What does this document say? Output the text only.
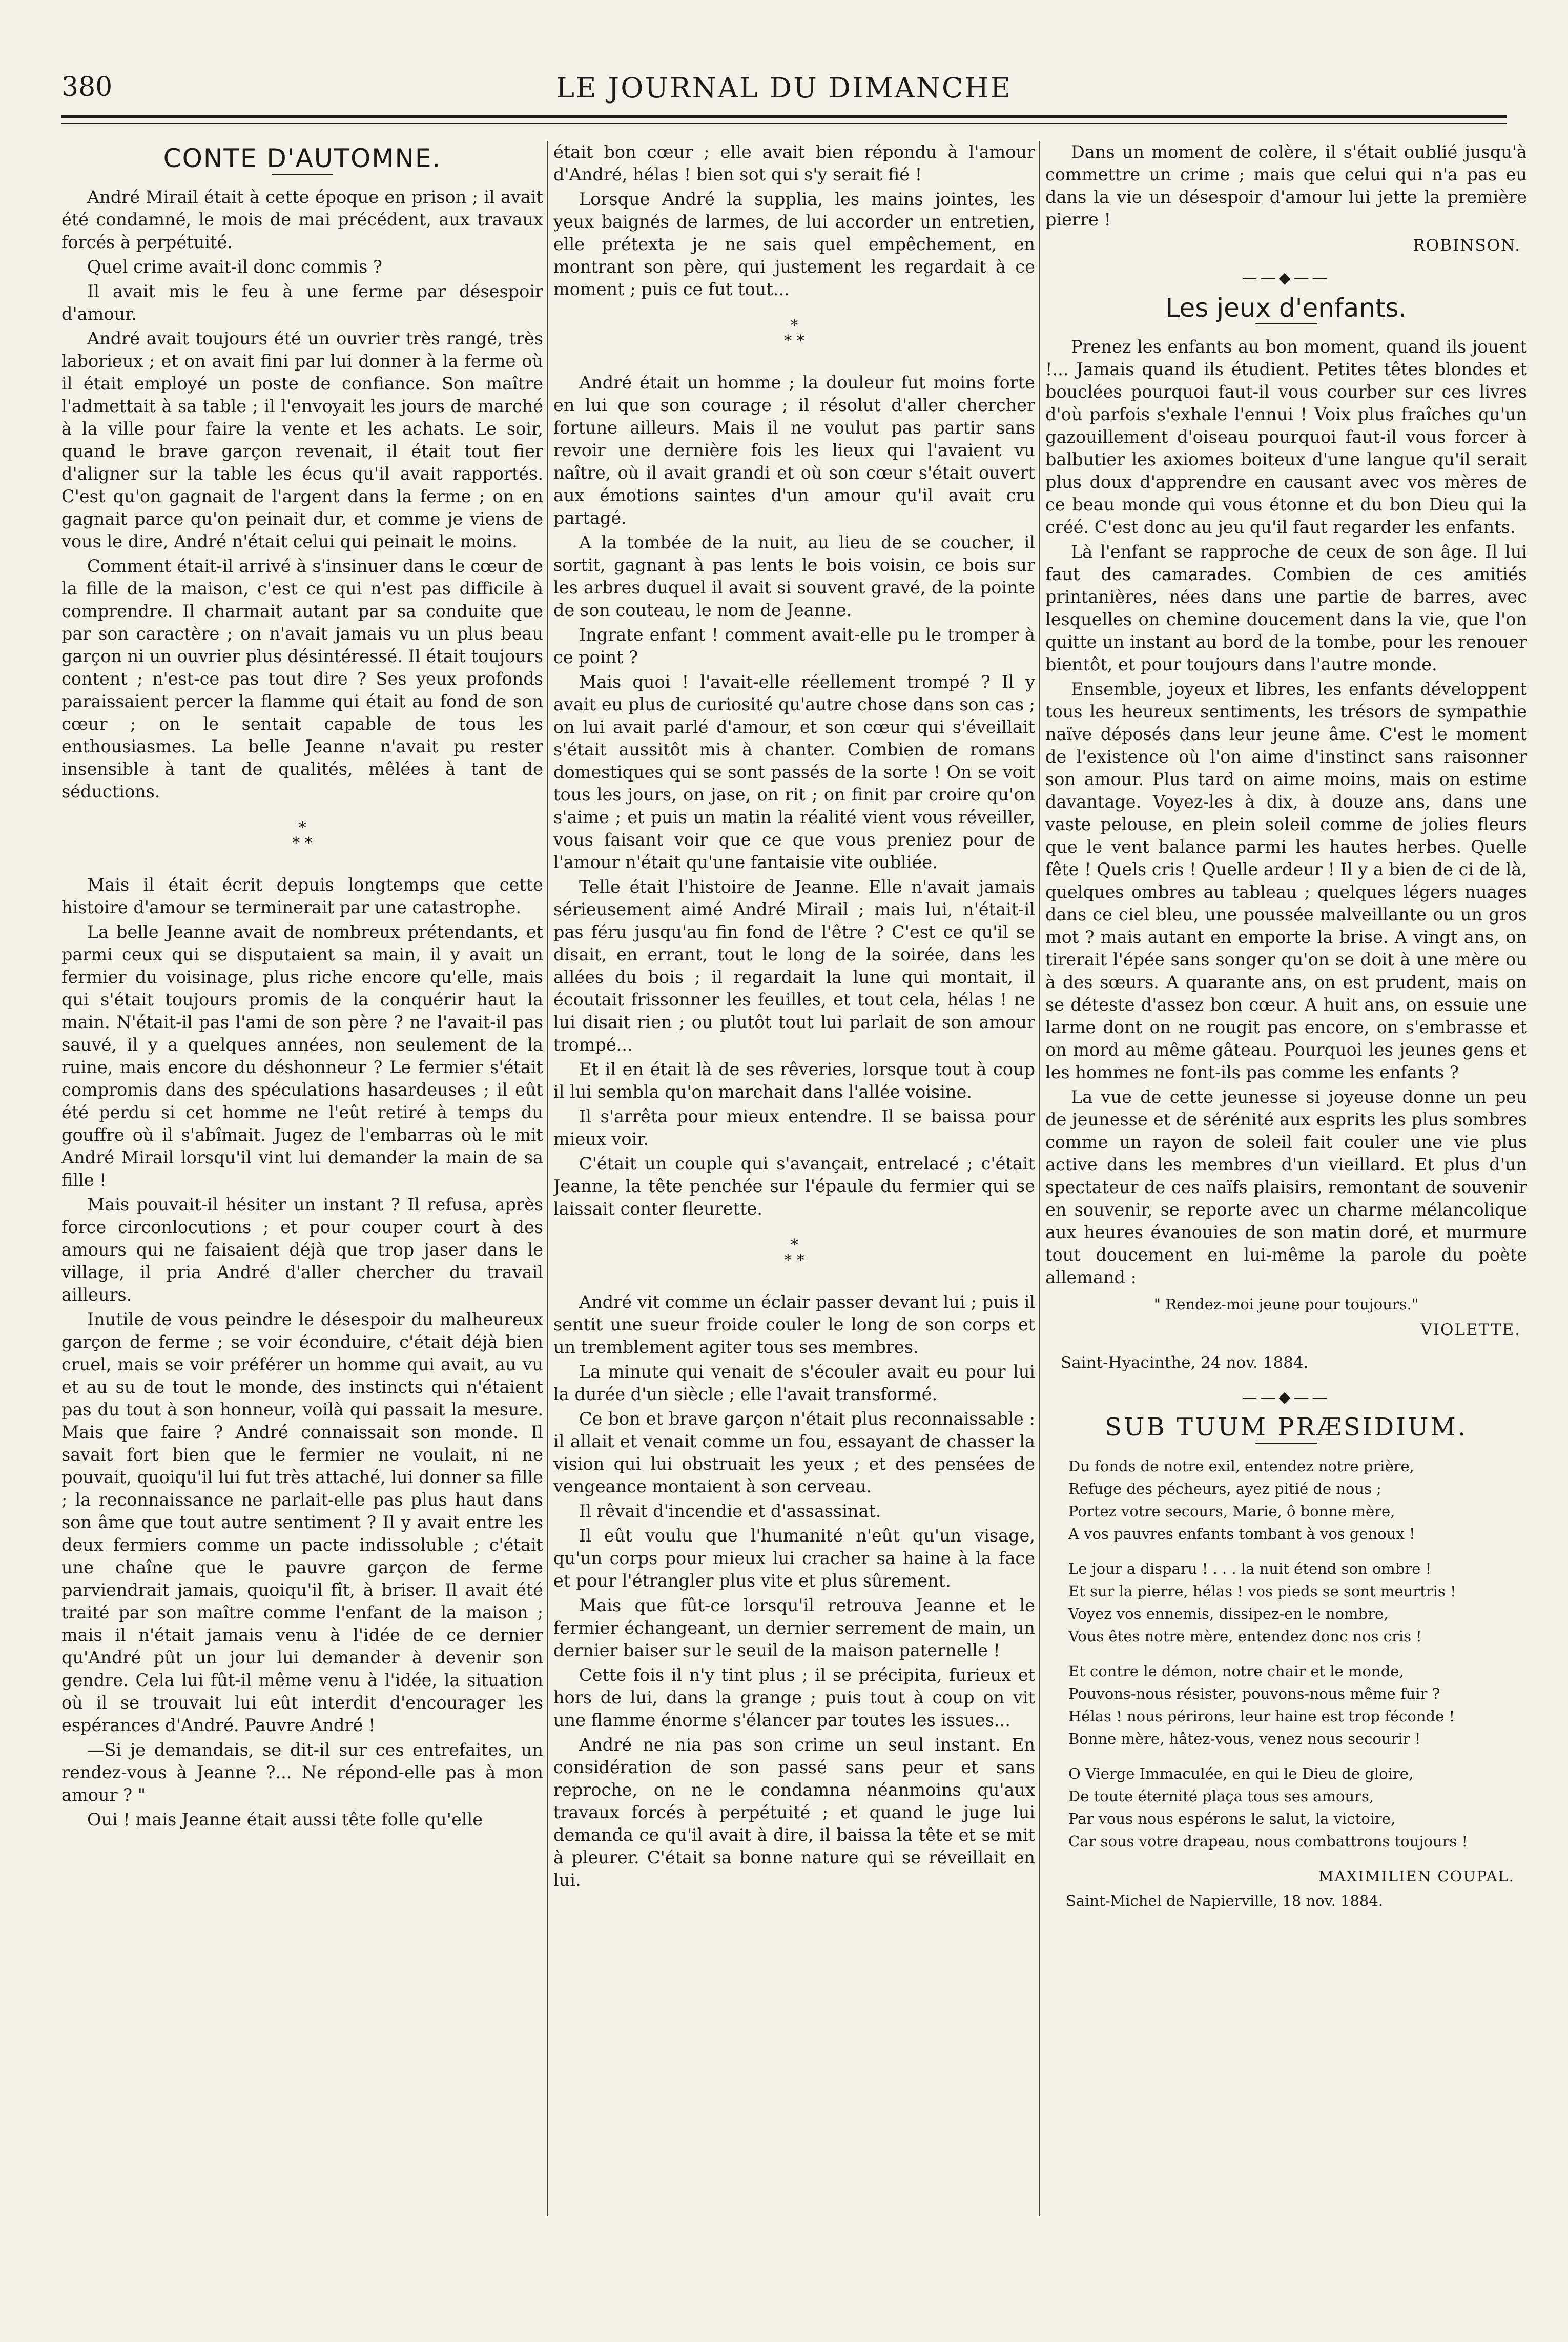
380	LE JOURNAL DU DIMANCHE
CONTE D'AUTOMNE.

André Mirail était à cette époque en prison ; il avait été condamné, le mois de mai précédent, aux travaux forcés à perpétuité.

Quel crime avait-il donc commis ?

Il avait mis le feu à une ferme par désespoir d'amour.

André avait toujours été un ouvrier très rangé, très laborieux ; et on avait fini par lui donner à la ferme où il était employé un poste de confiance. Son maître l'admettait à sa table ; il l'envoyait les jours de marché à la ville pour faire la vente et les achats. Le soir, quand le brave garçon revenait, il était tout fier d'aligner sur la table les écus qu'il avait rapportés. C'est qu'on gagnait de l'argent dans la ferme ; on en gagnait parce qu'on peinait dur, et comme je viens de vous le dire, André n'était celui qui peinait le moins.

Comment était-il arrivé à s'insinuer dans le cœur de la fille de la maison, c'est ce qui n'est pas difficile à comprendre. Il charmait autant par sa conduite que par son caractère ; on n'avait jamais vu un plus beau garçon ni un ouvrier plus désintéressé. Il était toujours content ; n'est-ce pas tout dire ? Ses yeux profonds paraissaient percer la flamme qui était au fond de son cœur ; on le sentait capable de tous les enthousiasmes. La belle Jeanne n'avait pu rester insensible à tant de qualités, mêlées à tant de séductions.

*
* *

Mais il était écrit depuis longtemps que cette histoire d'amour se terminerait par une catastrophe.

La belle Jeanne avait de nombreux prétendants, et parmi ceux qui se disputaient sa main, il y avait un fermier du voisinage, plus riche encore qu'elle, mais qui s'était toujours promis de la conquérir haut la main. N'était-il pas l'ami de son père ? ne l'avait-il pas sauvé, il y a quelques années, non seulement de la ruine, mais encore du déshonneur ? Le fermier s'était compromis dans des spéculations hasardeuses ; il eût été perdu si cet homme ne l'eût retiré à temps du gouffre où il s'abîmait. Jugez de l'embarras où le mit André Mirail lorsqu'il vint lui demander la main de sa fille !

Mais pouvait-il hésiter un instant ? Il refusa, après force circonlocutions ; et pour couper court à des amours qui ne faisaient déjà que trop jaser dans le village, il pria André d'aller chercher du travail ailleurs.

Inutile de vous peindre le désespoir du malheureux garçon de ferme ; se voir éconduire, c'était déjà bien cruel, mais se voir préférer un homme qui avait, au vu et au su de tout le monde, des instincts qui n'étaient pas du tout à son honneur, voilà qui passait la mesure. Mais que faire ? André connaissait son monde. Il savait fort bien que le fermier ne voulait, ni ne pouvait, quoiqu'il lui fut très attaché, lui donner sa fille ; la reconnaissance ne parlait-elle pas plus haut dans son âme que tout autre sentiment ? Il y avait entre les deux fermiers comme un pacte indissoluble ; c'était une chaîne que le pauvre garçon de ferme parviendrait jamais, quoiqu'il fît, à briser. Il avait été traité par son maître comme l'enfant de la maison ; mais il n'était jamais venu à l'idée de ce dernier qu'André pût un jour lui demander à devenir son gendre. Cela lui fût-il même venu à l'idée, la situation où il se trouvait lui eût interdit d'encourager les espérances d'André. Pauvre André !

—Si je demandais, se dit-il sur ces entrefaites, un rendez-vous à Jeanne ?... Ne répond-elle pas à mon amour ? "

Oui ! mais Jeanne était aussi tête folle qu'elle

était bon cœur ; elle avait bien répondu à l'amour d'André, hélas ! bien sot qui s'y serait fié !

Lorsque André la supplia, les mains jointes, les yeux baignés de larmes, de lui accorder un entretien, elle prétexta je ne sais quel empêchement, en montrant son père, qui justement les regardait à ce moment ; puis ce fut tout...

*
* *

André était un homme ; la douleur fut moins forte en lui que son courage ; il résolut d'aller chercher fortune ailleurs. Mais il ne voulut pas partir sans revoir une dernière fois les lieux qui l'avaient vu naître, où il avait grandi et où son cœur s'était ouvert aux émotions saintes d'un amour qu'il avait cru partagé.

A la tombée de la nuit, au lieu de se coucher, il sortit, gagnant à pas lents le bois voisin, ce bois sur les arbres duquel il avait si souvent gravé, de la pointe de son couteau, le nom de Jeanne.

Ingrate enfant ! comment avait-elle pu le tromper à ce point ?

Mais quoi ! l'avait-elle réellement trompé ? Il y avait eu plus de curiosité qu'autre chose dans son cas ; on lui avait parlé d'amour, et son cœur qui s'éveillait s'était aussitôt mis à chanter. Combien de romans domestiques qui se sont passés de la sorte ! On se voit tous les jours, on jase, on rit ; on finit par croire qu'on s'aime ; et puis un matin la réalité vient vous réveiller, vous faisant voir que ce que vous preniez pour de l'amour n'était qu'une fantaisie vite oubliée.

Telle était l'histoire de Jeanne. Elle n'avait jamais sérieusement aimé André Mirail ; mais lui, n'était-il pas féru jusqu'au fin fond de l'être ? C'est ce qu'il se disait, en errant, tout le long de la soirée, dans les allées du bois ; il regardait la lune qui montait, il écoutait frissonner les feuilles, et tout cela, hélas ! ne lui disait rien ; ou plutôt tout lui parlait de son amour trompé...

Et il en était là de ses rêveries, lorsque tout à coup il lui sembla qu'on marchait dans l'allée voisine.

Il s'arrêta pour mieux entendre. Il se baissa pour mieux voir.

C'était un couple qui s'avançait, entrelacé ; c'était Jeanne, la tête penchée sur l'épaule du fermier qui se laissait conter fleurette.

*
* *

André vit comme un éclair passer devant lui ; puis il sentit une sueur froide couler le long de son corps et un tremblement agiter tous ses membres.

La minute qui venait de s'écouler avait eu pour lui la durée d'un siècle ; elle l'avait transformé.

Ce bon et brave garçon n'était plus reconnaissable : il allait et venait comme un fou, essayant de chasser la vision qui lui obstruait les yeux ; et des pensées de vengeance montaient à son cerveau.

Il rêvait d'incendie et d'assassinat.

Il eût voulu que l'humanité n'eût qu'un visage, qu'un corps pour mieux lui cracher sa haine à la face et pour l'étrangler plus vite et plus sûrement.

Mais que fût-ce lorsqu'il retrouva Jeanne et le fermier échangeant, un dernier serrement de main, un dernier baiser sur le seuil de la maison paternelle !

Cette fois il n'y tint plus ; il se précipita, furieux et hors de lui, dans la grange ; puis tout à coup on vit une flamme énorme s'élancer par toutes les issues...

André ne nia pas son crime un seul instant. En considération de son passé sans peur et sans reproche, on ne le condamna néanmoins qu'aux travaux forcés à perpétuité ; et quand le juge lui demanda ce qu'il avait à dire, il baissa la tête et se mit à pleurer. C'était sa bonne nature qui se réveillait en lui.

Dans un moment de colère, il s'était oublié jusqu'à commettre un crime ; mais que celui qui n'a pas eu dans la vie un désespoir d'amour lui jette la première pierre !

ROBINSON.
——◆——
Les jeux d'enfants.

Prenez les enfants au bon moment, quand ils jouent !... Jamais quand ils étudient. Petites têtes blondes et bouclées pourquoi faut-il vous courber sur ces livres d'où parfois s'exhale l'ennui ! Voix plus fraîches qu'un gazouillement d'oiseau pourquoi faut-il vous forcer à balbutier les axiomes boiteux d'une langue qu'il serait plus doux d'apprendre en causant avec vos mères de ce beau monde qui vous étonne et du bon Dieu qui la créé. C'est donc au jeu qu'il faut regarder les enfants.

Là l'enfant se rapproche de ceux de son âge. Il lui faut des camarades. Combien de ces amitiés printanières, nées dans une partie de barres, avec lesquelles on chemine doucement dans la vie, que l'on quitte un instant au bord de la tombe, pour les renouer bientôt, et pour toujours dans l'autre monde.

Ensemble, joyeux et libres, les enfants développent tous les heureux sentiments, les trésors de sympathie naïve déposés dans leur jeune âme. C'est le moment de l'existence où l'on aime d'instinct sans raisonner son amour. Plus tard on aime moins, mais on estime davantage. Voyez-les à dix, à douze ans, dans une vaste pelouse, en plein soleil comme de jolies fleurs que le vent balance parmi les hautes herbes. Quelle fête ! Quels cris ! Quelle ardeur ! Il y a bien de ci de là, quelques ombres au tableau ; quelques légers nuages dans ce ciel bleu, une poussée malveillante ou un gros mot ? mais autant en emporte la brise. A vingt ans, on tirerait l'épée sans songer qu'on se doit à une mère ou à des sœurs. A quarante ans, on est prudent, mais on se déteste d'assez bon cœur. A huit ans, on essuie une larme dont on ne rougit pas encore, on s'embrasse et on mord au même gâteau. Pourquoi les jeunes gens et les hommes ne font-ils pas comme les enfants ?

La vue de cette jeunesse si joyeuse donne un peu de jeunesse et de sérénité aux esprits les plus sombres comme un rayon de soleil fait couler une vie plus active dans les membres d'un vieillard. Et plus d'un spectateur de ces naïfs plaisirs, remontant de souvenir en souvenir, se reporte avec un charme mélancolique aux heures évanouies de son matin doré, et murmure tout doucement en lui-même la parole du poète allemand :

" Rendez-moi jeune pour toujours."
VIOLETTE.
Saint-Hyacinthe, 24 nov. 1884.
——◆——
SUB TUUM PRÆSIDIUM.
Du fonds de notre exil, entendez notre prière,
Refuge des pécheurs, ayez pitié de nous ;
Portez votre secours, Marie, ô bonne mère,
A vos pauvres enfants tombant à vos genoux !
Le jour a disparu ! . . . la nuit étend son ombre !
Et sur la pierre, hélas ! vos pieds se sont meurtris !
Voyez vos ennemis, dissipez-en le nombre,
Vous êtes notre mère, entendez donc nos cris !
Et contre le démon, notre chair et le monde,
Pouvons-nous résister, pouvons-nous même fuir ?
Hélas ! nous périrons, leur haine est trop féconde !
Bonne mère, hâtez-vous, venez nous secourir !
O Vierge Immaculée, en qui le Dieu de gloire,
De toute éternité plaça tous ses amours,
Par vous nous espérons le salut, la victoire,
Car sous votre drapeau, nous combattrons toujours !
MAXIMILIEN COUPAL.
Saint-Michel de Napierville, 18 nov. 1884.
